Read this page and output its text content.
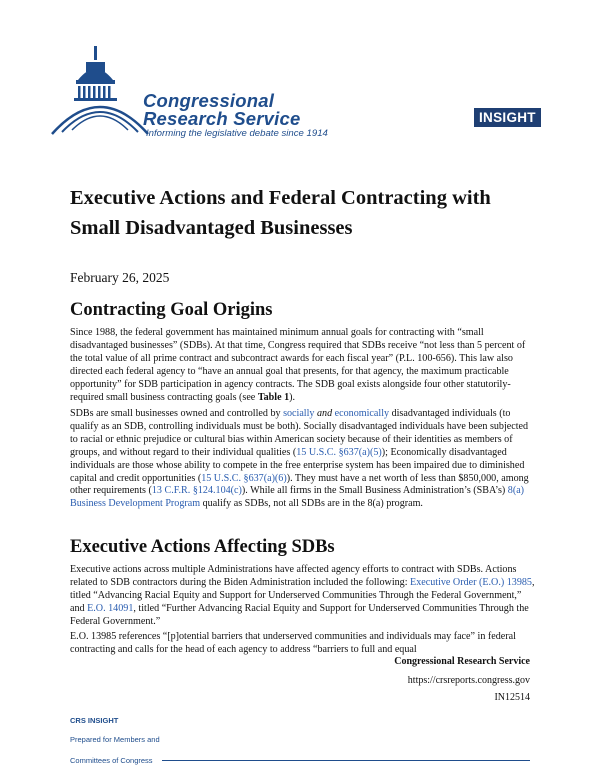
Congressional
Research Service
Informing the legislative debate since 1914
INSIGHT
Executive Actions and Federal Contracting with Small Disadvantaged Businesses
February 26, 2025
Contracting Goal Origins

Since 1988, the federal government has maintained minimum annual goals for contracting with “small disadvantaged businesses” (SDBs). At that time, Congress required that SDBs receive “not less than 5 percent of the total value of all prime contract and subcontract awards for each fiscal year” (P.L. 100-656). This law also directed each federal agency to “have an annual goal that presents, for that agency, the maximum practicable opportunity” for SDB participation in agency contracts. The SDB goal exists alongside four other statutorily-required small business contracting goals (see Table 1).

SDBs are small businesses owned and controlled by socially and economically disadvantaged individuals (to qualify as an SDB, controlling individuals must be both). Socially disadvantaged individuals have been subjected to racial or ethnic prejudice or cultural bias within American society because of their identities as members of groups, and without regard to their individual qualities (15 U.S.C. §637(a)(5)); Economically disadvantaged individuals are those whose ability to compete in the free enterprise system has been impaired due to diminished capital and credit opportunities (15 U.S.C. §637(a)(6)). They must have a net worth of less than $850,000, among other requirements (13 C.F.R. §124.104(c)). While all firms in the Small Business Administration’s (SBA’s) 8(a) Business Development Program qualify as SDBs, not all SDBs are in the 8(a) program.

Executive Actions Affecting SDBs

Executive actions across multiple Administrations have affected agency efforts to contract with SDBs. Actions related to SDB contractors during the Biden Administration included the following: Executive Order (E.O.) 13985, titled “Advancing Racial Equity and Support for Underserved Communities Through the Federal Government,” and E.O. 14091, titled “Further Advancing Racial Equity and Support for Underserved Communities Through the Federal Government.”

E.O. 13985 references “[p]otential barriers that underserved communities and individuals may face” in federal contracting and calls for the head of each agency to address “barriers to full and equal

Congressional Research Service
https://crsreports.congress.gov
IN12514
CRS INSIGHT
Prepared for Members and
Committees of Congress
